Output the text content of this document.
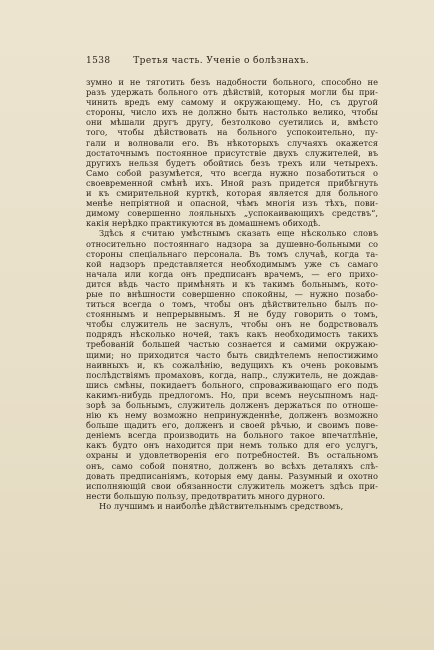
1538	Третья часть. Ученiе о болѣзнахъ.
зумно и не тяготить безъ надобности больного, способно не
разъ удержать больного отъ дѣйствiй, которыя могли бы при-
чинить вредъ ему самому и окружающему. Но, съ другой
стороны, число ихъ не должно быть настолько велико, чтобы
они мѣшали другъ другу, безтолково суетились и, вмѣсто
того, чтобы дѣйствовать на больного успокоительно, пу-
гали и волновали его. Въ нѣкоторыхъ случаяхъ окажется
достаточнымъ постоянное присутствiе двухъ служителей, въ
другихъ нельзя будетъ обойтись безъ трехъ или четырехъ.
Само собой разумѣется, что всегда нужно позаботиться о
своевременной смѣнѣ ихъ. Иной разъ придется прибѣгнуть
и къ смирительной курткѣ, которая является для больного
менѣе непрiятной и опасной, чѣмъ многiя изъ тѣхъ, пови-
димому совершенно лояльныхъ „успокаивающихъ средствъ“,
какiя нерѣдко практикуются въ домашнемъ обиходѣ.
Здѣсь я считаю умѣстнымъ сказать еще нѣсколько словъ
относительно постояннаго надзора за душевно-больными со
стороны спецiальнаго персонала. Въ томъ случаѣ, когда та-
кой надзоръ представляется необходимымъ уже съ самаго
начала или когда онъ предписанъ врачемъ, — его прихо-
дится вѣдь часто примѣнять и къ такимъ больнымъ, кото-
рые по внѣшности совершенно спокойны, — нужно позабо-
титься всегда о томъ, чтобы онъ дѣйствительно былъ по-
стояннымъ и непрерывнымъ. Я не буду говорить о томъ,
чтобы служитель не заснулъ, чтобы онъ не бодрствовалъ
подрядъ нѣсколько ночей, такъ какъ необходимость такихъ
требованiй большей частью сознается и самими окружаю-
щими; но приходится часто быть свидѣтелемъ непостижимо
наивныхъ и, къ сожалѣнiю, ведущихъ къ очень роковымъ
послѣдствiямъ промаховъ, когда, напр., служитель, не дождав-
шись смѣны, покидаетъ больного, спроваживающаго его подъ
какимъ-нибудь предлогомъ. Но, при всемъ неусыпномъ над-
зорѣ за больнымъ, служитель долженъ держаться по отноше-
нiю къ нему возможно непринужденнѣе, долженъ возможно
больше щадить его, долженъ и своей рѣчью, и своимъ пове-
денiемъ всегда производить на больного такое впечатлѣнiе,
какъ будто онъ находится при немъ только для его услугъ,
охраны и удовлетворенiя его потребностей. Въ остальномъ
онъ, само собой понятно, долженъ во всѣхъ деталяхъ слѣ-
довать предписанiямъ, которыя ему даны. Разумный и охотно
исполняющiй свои обязанности служитель можетъ здѣсь при-
нести большую пользу, предотвратить много дурного.
Но лучшимъ и наиболѣе дѣйствительнымъ средствомъ,
